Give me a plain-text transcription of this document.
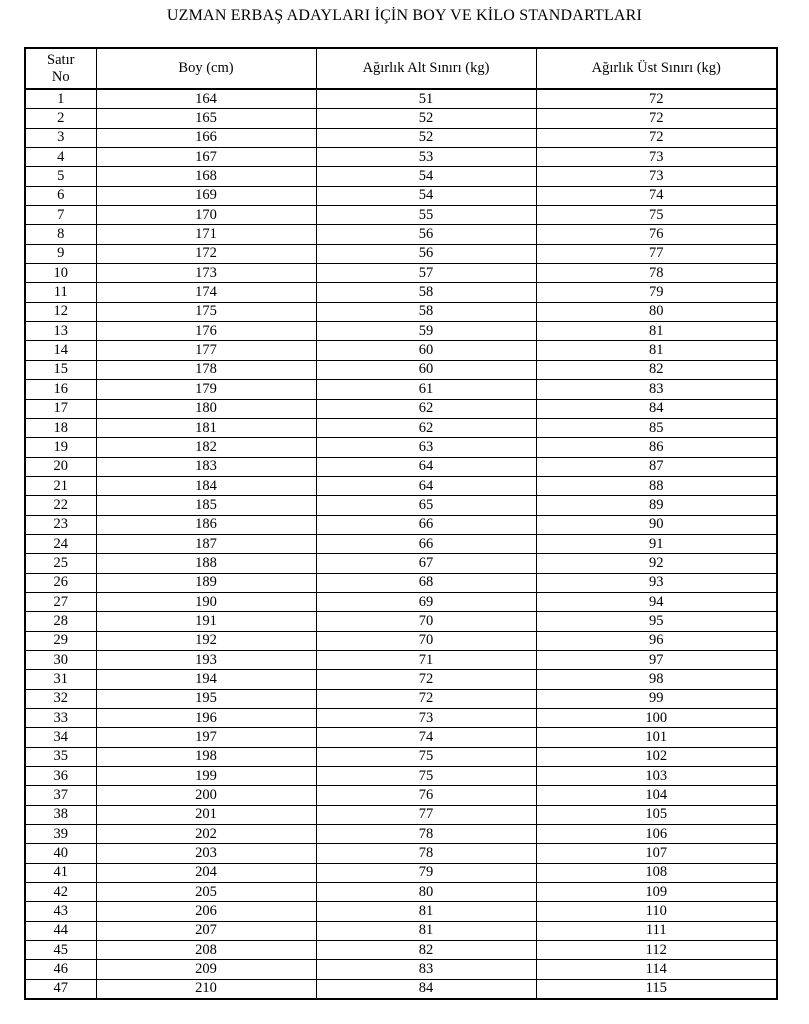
UZMAN ERBAŞ ADAYLARI İÇİN BOY VE KİLO STANDARTLARI
Satır
No	Boy (cm)	Ağırlık Alt Sınırı (kg)	Ağırlık Üst Sınırı (kg)
1	164	51	72
2	165	52	72
3	166	52	72
4	167	53	73
5	168	54	73
6	169	54	74
7	170	55	75
8	171	56	76
9	172	56	77
10	173	57	78
11	174	58	79
12	175	58	80
13	176	59	81
14	177	60	81
15	178	60	82
16	179	61	83
17	180	62	84
18	181	62	85
19	182	63	86
20	183	64	87
21	184	64	88
22	185	65	89
23	186	66	90
24	187	66	91
25	188	67	92
26	189	68	93
27	190	69	94
28	191	70	95
29	192	70	96
30	193	71	97
31	194	72	98
32	195	72	99
33	196	73	100
34	197	74	101
35	198	75	102
36	199	75	103
37	200	76	104
38	201	77	105
39	202	78	106
40	203	78	107
41	204	79	108
42	205	80	109
43	206	81	110
44	207	81	111
45	208	82	112
46	209	83	114
47	210	84	115
